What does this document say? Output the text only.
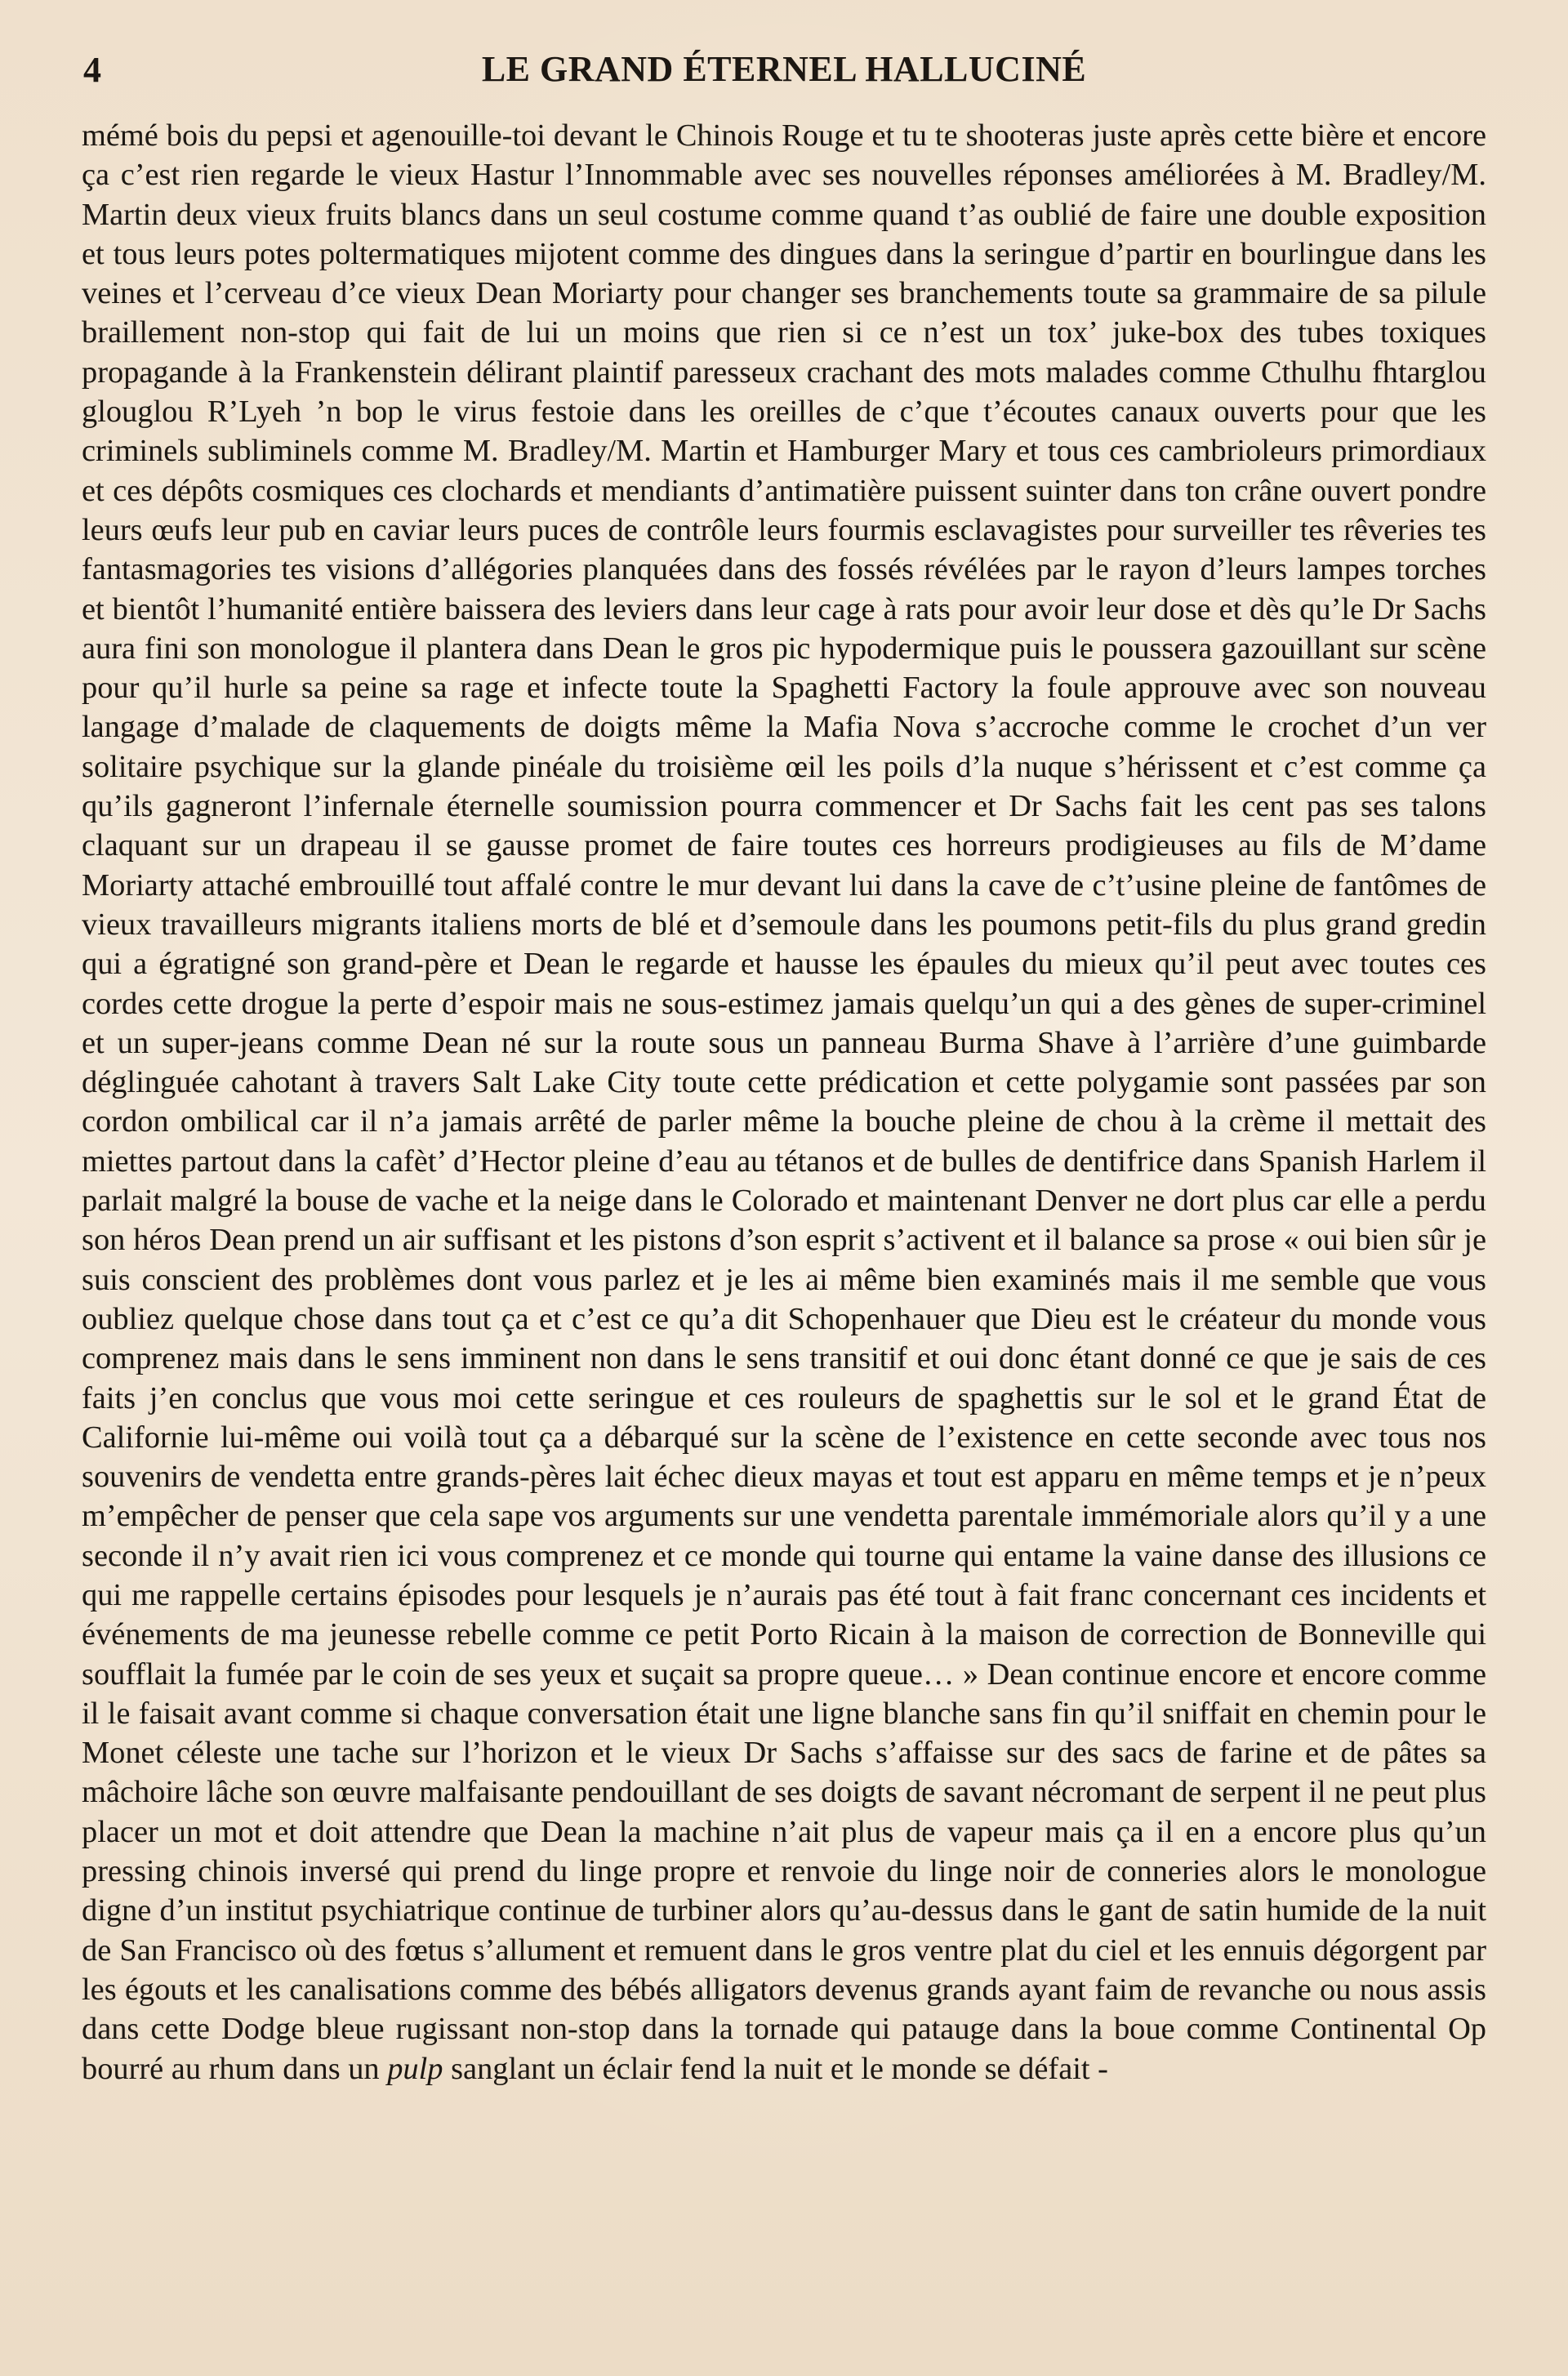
4	LE GRAND ÉTERNEL HALLUCINÉ

mémé bois du pepsi et agenouille-toi devant le Chinois Rouge et tu te shooteras juste après cette bière et encore ça c’est rien regarde le vieux Hastur l’Innommable avec ses nouvelles réponses améliorées à M. Bradley/M. Martin deux vieux fruits blancs dans un seul costume comme quand t’as oublié de faire une double exposition et tous leurs potes poltermatiques mijotent comme des dingues dans la seringue d’partir en bourlingue dans les veines et l’cerveau d’ce vieux Dean Moriarty pour changer ses branchements toute sa grammaire de sa pilule braillement non-stop qui fait de lui un moins que rien si ce n’est un tox’ juke-box des tubes toxiques propagande à la Frankenstein délirant plaintif paresseux crachant des mots malades comme Cthulhu fhtarglou glouglou R’Lyeh ’n bop le virus festoie dans les oreilles de c’que t’écoutes canaux ouverts pour que les criminels subliminels comme M. Bradley/M. Martin et Hamburger Mary et tous ces cambrioleurs primordiaux et ces dépôts cosmiques ces clochards et mendiants d’antimatière puissent suinter dans ton crâne ouvert pondre leurs œufs leur pub en caviar leurs puces de contrôle leurs fourmis esclavagistes pour surveiller tes rêveries tes fantasmagories tes visions d’allégories planquées dans des fossés révélées par le rayon d’leurs lampes torches et bientôt l’humanité entière baissera des leviers dans leur cage à rats pour avoir leur dose et dès qu’le Dr Sachs aura fini son monologue il plantera dans Dean le gros pic hypodermique puis le poussera gazouillant sur scène pour qu’il hurle sa peine sa rage et infecte toute la Spaghetti Factory la foule approuve avec son nouveau langage d’malade de claquements de doigts même la Mafia Nova s’accroche comme le crochet d’un ver solitaire psychique sur la glande pinéale du troisième œil les poils d’la nuque s’hérissent et c’est comme ça qu’ils gagneront l’infernale éternelle soumission pourra commencer et Dr Sachs fait les cent pas ses talons claquant sur un drapeau il se gausse promet de faire toutes ces horreurs prodigieuses au fils de M’dame Moriarty attaché embrouillé tout affalé contre le mur devant lui dans la cave de c’t’usine pleine de fantômes de vieux travailleurs migrants italiens morts de blé et d’semoule dans les poumons petit-fils du plus grand gredin qui a égratigné son grand-père et Dean le regarde et hausse les épaules du mieux qu’il peut avec toutes ces cordes cette drogue la perte d’espoir mais ne sous-estimez jamais quelqu’un qui a des gènes de super-criminel et un super-jeans comme Dean né sur la route sous un panneau Burma Shave à l’arrière d’une guimbarde déglinguée cahotant à travers Salt Lake City toute cette prédication et cette polygamie sont passées par son cordon ombilical car il n’a jamais arrêté de parler même la bouche pleine de chou à la crème il mettait des miettes partout dans la cafèt’ d’Hector pleine d’eau au tétanos et de bulles de dentifrice dans Spanish Harlem il parlait malgré la bouse de vache et la neige dans le Colorado et maintenant Denver ne dort plus car elle a perdu son héros Dean prend un air suffisant et les pistons d’son esprit s’activent et il balance sa prose « oui bien sûr je suis conscient des problèmes dont vous parlez et je les ai même bien examinés mais il me semble que vous oubliez quelque chose dans tout ça et c’est ce qu’a dit Schopenhauer que Dieu est le créateur du monde vous comprenez mais dans le sens imminent non dans le sens transitif et oui donc étant donné ce que je sais de ces faits j’en conclus que vous moi cette seringue et ces rouleurs de spaghettis sur le sol et le grand État de Californie lui-même oui voilà tout ça a débarqué sur la scène de l’existence en cette seconde avec tous nos souvenirs de vendetta entre grands-pères lait échec dieux mayas et tout est apparu en même temps et je n’peux m’empêcher de penser que cela sape vos arguments sur une vendetta parentale immémoriale alors qu’il y a une seconde il n’y avait rien ici vous comprenez et ce monde qui tourne qui entame la vaine danse des illusions ce qui me rappelle certains épisodes pour lesquels je n’aurais pas été tout à fait franc concernant ces incidents et événements de ma jeunesse rebelle comme ce petit Porto Ricain à la maison de correction de Bonneville qui soufflait la fumée par le coin de ses yeux et suçait sa propre queue… » Dean continue encore et encore comme il le faisait avant comme si chaque conversation était une ligne blanche sans fin qu’il sniffait en chemin pour le Monet céleste une tache sur l’horizon et le vieux Dr Sachs s’affaisse sur des sacs de farine et de pâtes sa mâchoire lâche son œuvre malfaisante pendouillant de ses doigts de savant nécromant de serpent il ne peut plus placer un mot et doit attendre que Dean la machine n’ait plus de vapeur mais ça il en a encore plus qu’un pressing chinois inversé qui prend du linge propre et renvoie du linge noir de conneries alors le monologue digne d’un institut psychiatrique continue de turbiner alors qu’au-dessus dans le gant de satin humide de la nuit de San Francisco où des fœtus s’allument et remuent dans le gros ventre plat du ciel et les ennuis dégorgent par les égouts et les canalisations comme des bébés alligators devenus grands ayant faim de revanche ou nous assis dans cette Dodge bleue rugissant non-stop dans la tornade qui patauge dans la boue comme Continental Op bourré au rhum dans un pulp sanglant un éclair fend la nuit et le monde se défait -
